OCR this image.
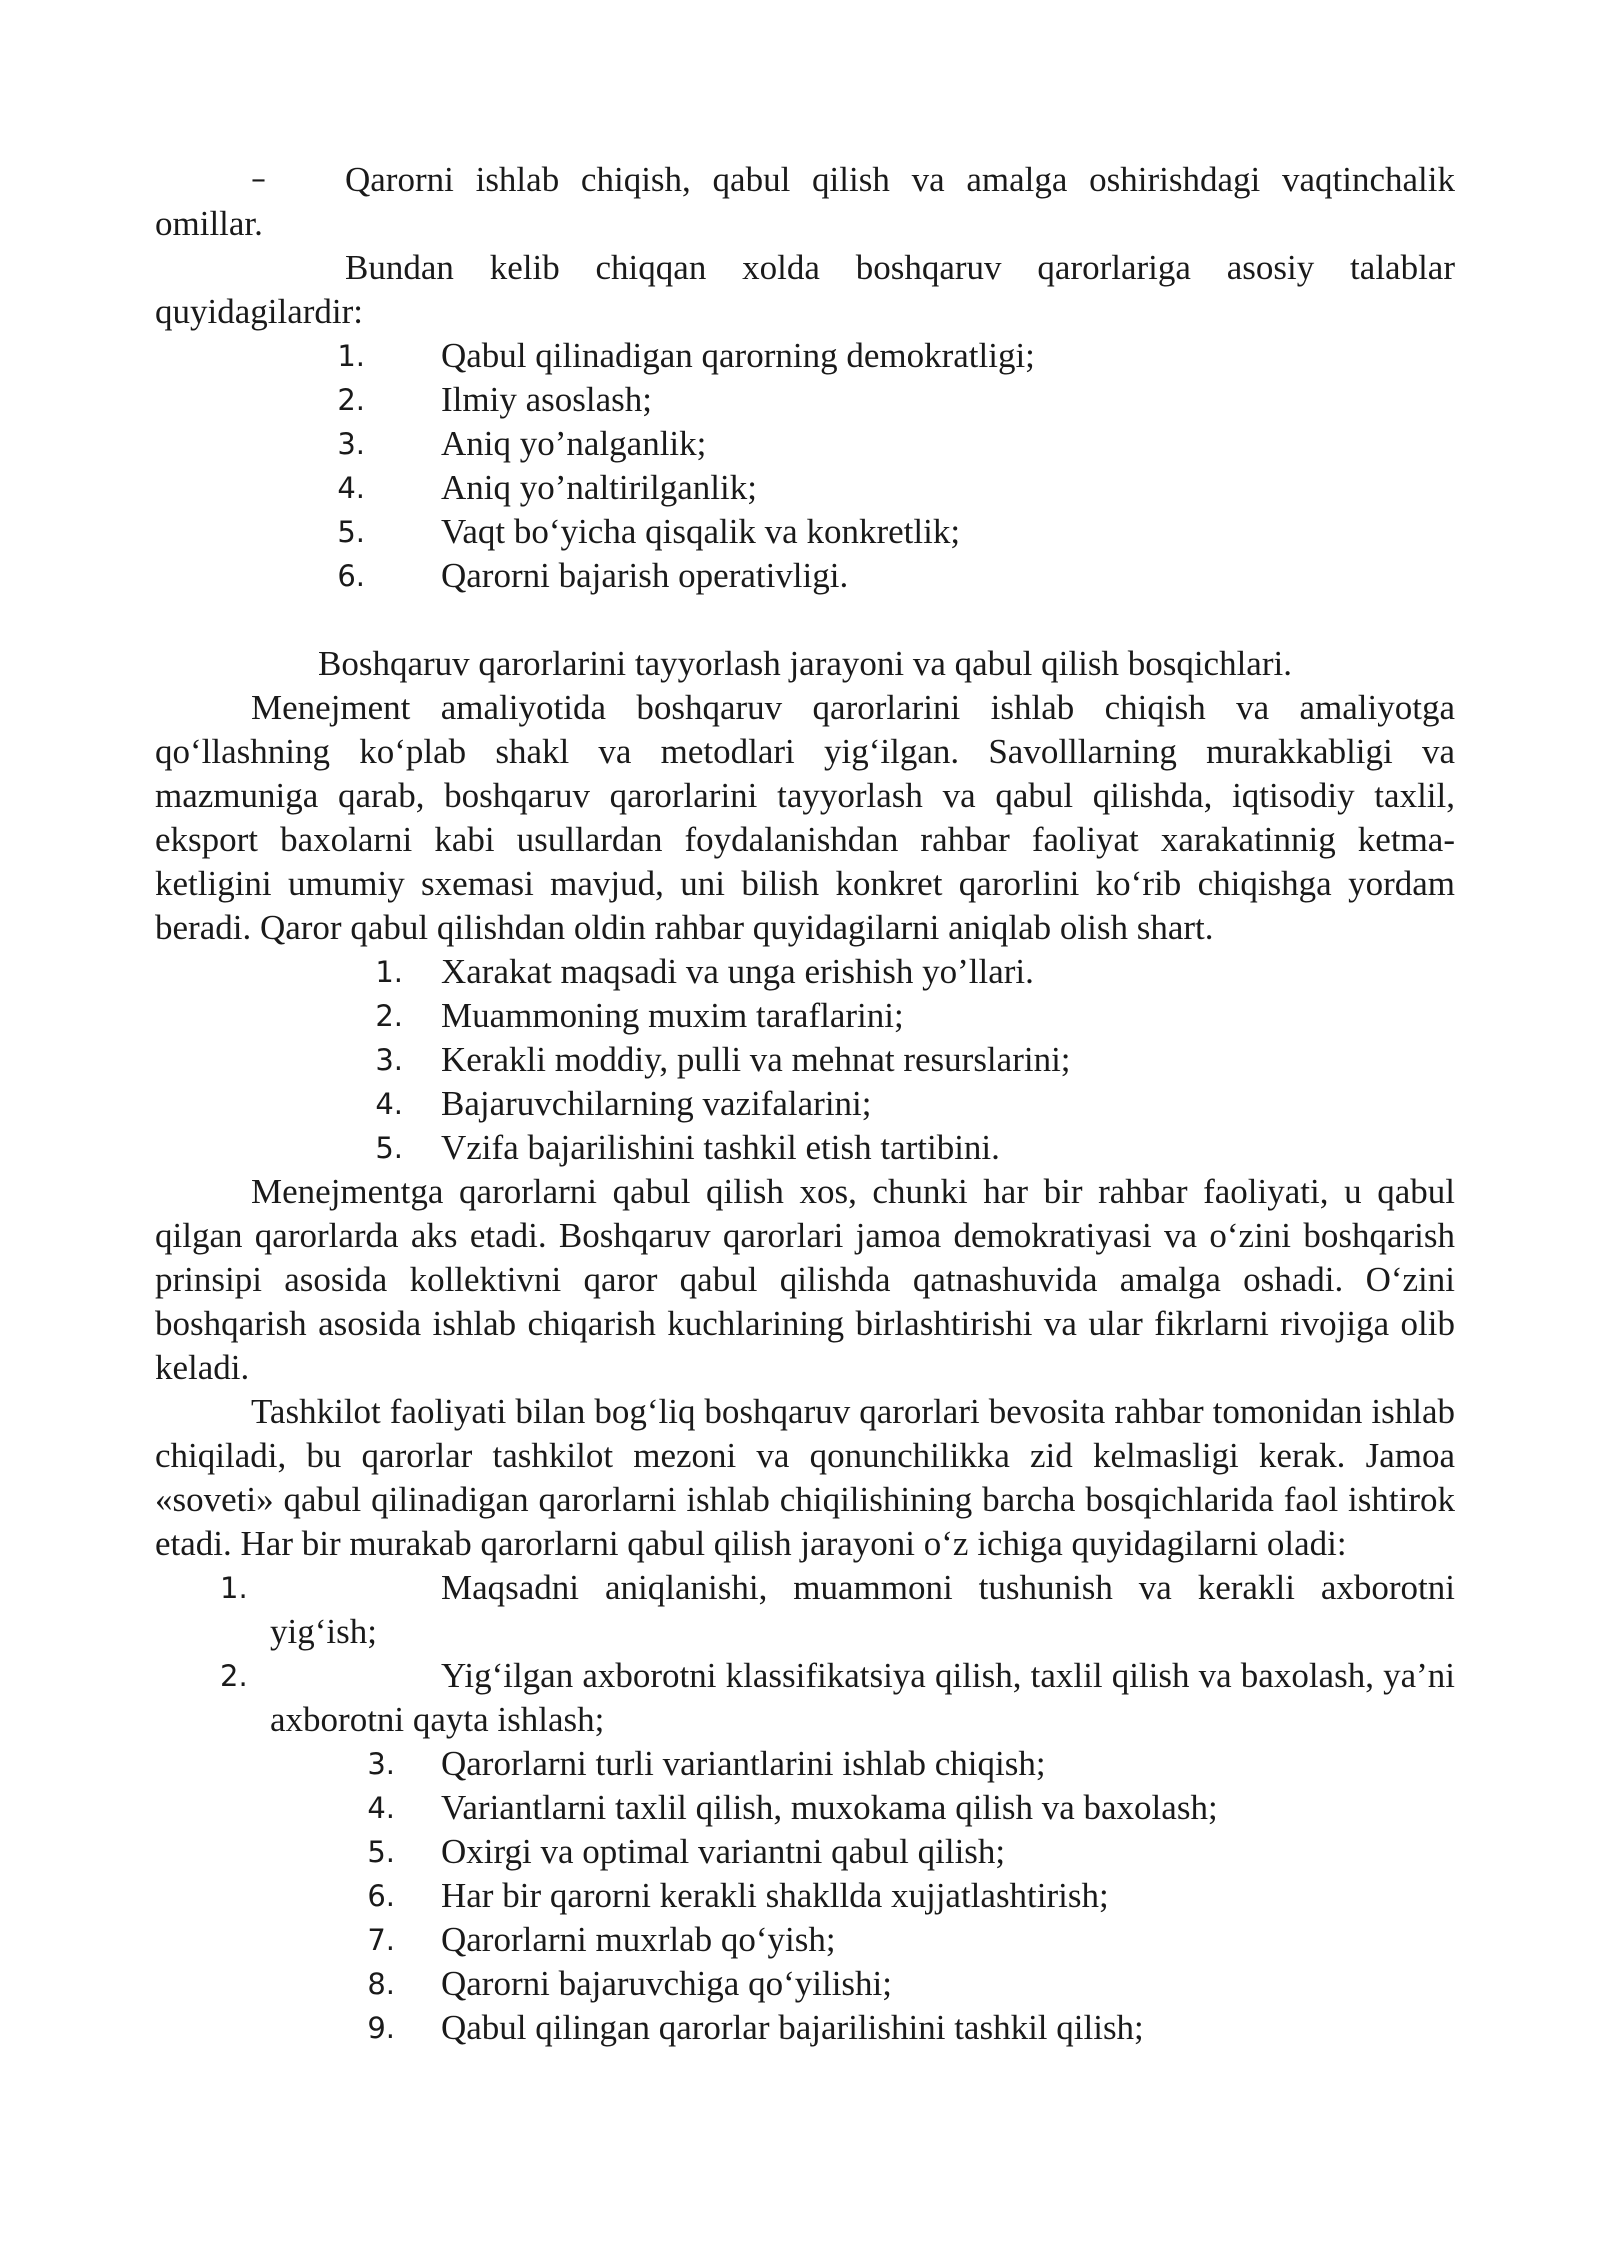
–	Qarorni ishlab chiqish, qabul qilish va amalga oshirishdagi vaqtinchalik omillar.

Bundan kelib chiqqan xolda boshqaruv qarorlariga asosiy talablar quyidagilardir:

1. Qabul qilinadigan qarorning demokratligi;
2. Ilmiy asoslash;
3. Aniq yo’nalganlik;
4. Aniq yo’naltirilganlik;
5. Vaqt bo‘yicha qisqalik va konkretlik;
6. Qarorni bajarish operativligi.

Boshqaruv qarorlarini tayyorlash jarayoni va qabul qilish bosqichlari.

Menejment amaliyotida boshqaruv qarorlarini ishlab chiqish va amaliyotga qo‘llashning ko‘plab shakl va metodlari yig‘ilgan. Savolllarning murakkabligi va mazmuniga qarab, boshqaruv qarorlarini tayyorlash va qabul qilishda, iqtisodiy taxlil, eksport baxolarni kabi usullardan foydalanishdan rahbar faoliyat xarakatinnig ketma-ketligini umumiy sxemasi mavjud, uni bilish konkret qarorlini ko‘rib chiqishga yordam beradi. Qaror qabul qilishdan oldin rahbar quyidagilarni aniqlab olish shart.

1. Xarakat maqsadi va unga erishish yo’llari.
2. Muammoning muxim taraflarini;
3. Kerakli moddiy, pulli va mehnat resurslarini;
4. Bajaruvchilarning vazifalarini;
5. Vzifa bajarilishini tashkil etish tartibini.

Menejmentga qarorlarni qabul qilish xos, chunki har bir rahbar faoliyati, u qabul qilgan qarorlarda aks etadi. Boshqaruv qarorlari jamoa demokratiyasi va o‘zini boshqarish prinsipi asosida kollektivni qaror qabul qilishda qatnashuvida amalga oshadi. O‘zini boshqarish asosida ishlab chiqarish kuchlarining birlashtirishi va ular fikrlarni rivojiga olib keladi.

Tashkilot faoliyati bilan bog‘liq boshqaruv qarorlari bevosita rahbar tomonidan ishlab chiqiladi, bu qarorlar tashkilot mezoni va qonunchilikka zid kelmasligi kerak. Jamoa «soveti» qabul qilinadigan qarorlarni ishlab chiqilishining barcha bosqichlarida faol ishtirok etadi. Har bir murakab qarorlarni qabul qilish jarayoni o‘z ichiga quyidagilarni oladi:

1.	Maqsadni aniqlanishi, muammoni tushunish va kerakli axborotni yig‘ish;
2.	Yig‘ilgan axborotni klassifikatsiya qilish, taxlil qilish va baxolash, ya’ni axborotni qayta ishlash;
3. Qarorlarni turli variantlarini ishlab chiqish;
4. Variantlarni taxlil qilish, muxokama qilish va baxolash;
5. Oxirgi va optimal variantni qabul qilish;
6. Har bir qarorni kerakli shakllda xujjatlashtirish;
7. Qarorlarni muxrlab qo‘yish;
8. Qarorni bajaruvchiga qo‘yilishi;
9. Qabul qilingan qarorlar bajarilishini tashkil qilish;
